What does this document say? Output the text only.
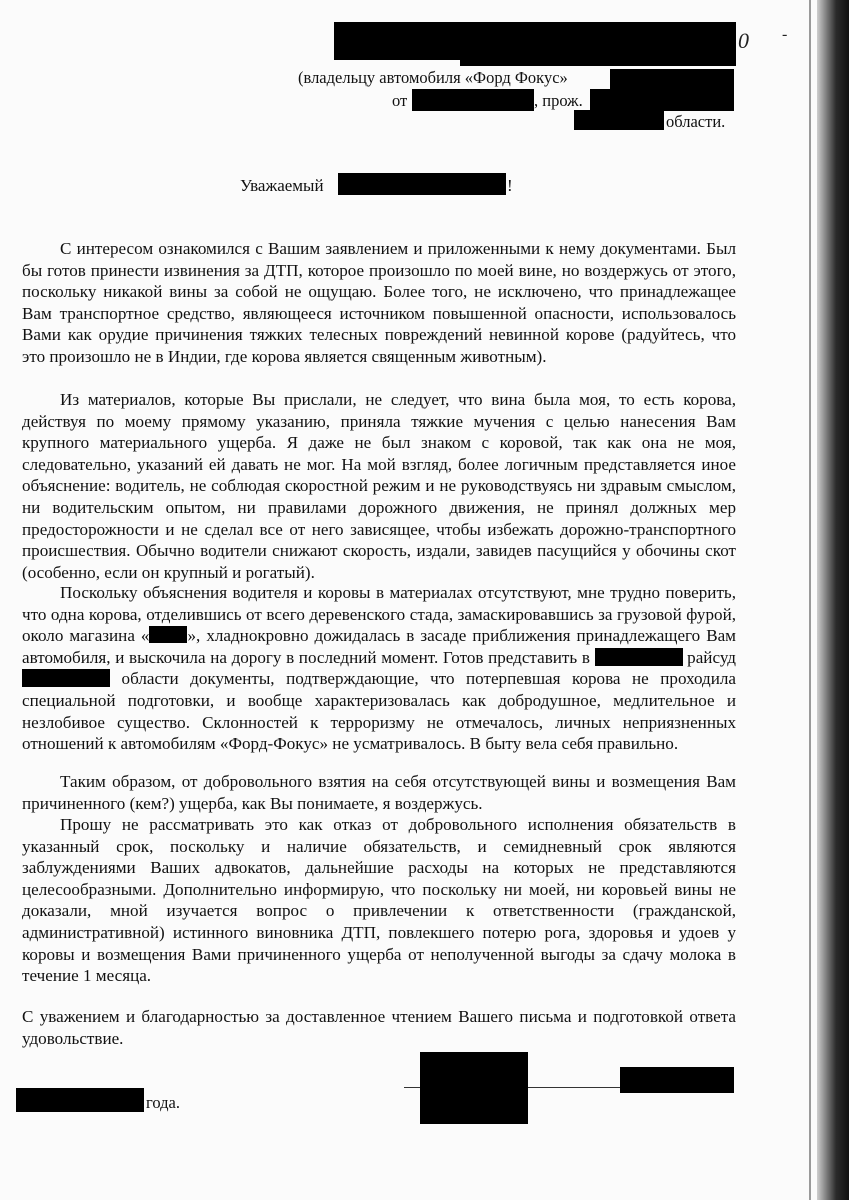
0 -
(владельцу автомобиля «Форд Фокус»
от	, прож.
области.
Уважаемый	!

С интересом ознакомился с Вашим заявлением и приложенными к нему документами. Был бы готов принести извинения за ДТП, которое произошло по моей вине, но воздержусь от этого, поскольку никакой вины за собой не ощущаю. Более того, не исключено, что принадлежащее Вам транспортное средство, являющееся источником повышенной опасности, использовалось Вами как орудие причинения тяжких телесных повреждений невинной корове (радуйтесь, что это произошло не в Индии, где корова является священным животным).

Из материалов, которые Вы прислали, не следует, что вина была моя, то есть корова, действуя по моему прямому указанию, приняла тяжкие мучения с целью нанесения Вам крупного материального ущерба. Я даже не был знаком с коровой, так как она не моя, следовательно, указаний ей давать не мог. На мой взгляд, более логичным представляется иное объяснение: водитель, не соблюдая скоростной режим и не руководствуясь ни здравым смыслом, ни водительским опытом, ни правилами дорожного движения, не принял должных мер предосторожности и не сделал все от него зависящее, чтобы избежать дорожно-транспортного происшествия. Обычно водители снижают скорость, издали, завидев пасущийся у обочины скот (особенно, если он крупный и рогатый).

Поскольку объяснения водителя и коровы в материалах отсутствуют, мне трудно поверить, что одна корова, отделившись от всего деревенского стада, замаскировавшись за грузовой фурой, около магазина « », хладнокровно дожидалась в засаде приближения принадлежащего Вам автомобиля, и выскочила на дорогу в последний момент. Готов представить в	райсуд  области документы, подтверждающие, что потерпевшая корова не проходила специальной подготовки, и вообще характеризовалась как добродушное, медлительное и незлобивое существо. Склонностей к терроризму не отмечалось, личных неприязненных отношений к автомобилям «Форд-Фокус» не усматривалось. В быту вела себя правильно.

Таким образом, от добровольного взятия на себя отсутствующей вины и возмещения Вам причиненного (кем?) ущерба, как Вы понимаете, я воздержусь.

Прошу не рассматривать это как отказ от добровольного исполнения обязательств в указанный срок, поскольку и наличие обязательств, и семидневный срок являются заблуждениями Ваших адвокатов, дальнейшие расходы на которых не представляются целесообразными. Дополнительно информирую, что поскольку ни моей, ни коровьей вины не доказали, мной изучается вопрос о привлечении к ответственности (гражданской, административной) истинного виновника ДТП, повлекшего потерю рога, здоровья и удоев у коровы и возмещения Вами причиненного ущерба от неполученной выгоды за сдачу молока в течение 1 месяца.

С уважением и благодарностью за доставленное чтением Вашего письма и подготовкой ответа удовольствие.

года.
